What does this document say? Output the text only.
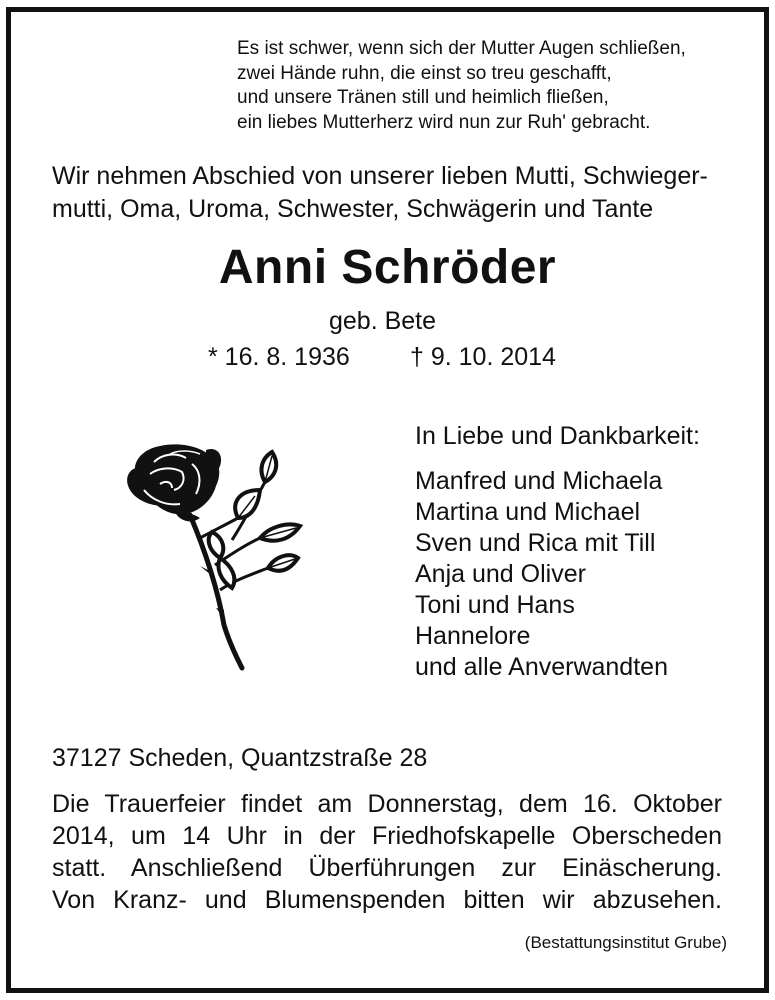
Es ist schwer, wenn sich der Mutter Augen schließen,
zwei Hände ruhn, die einst so treu geschafft,
und unsere Tränen still und heimlich fließen,
ein liebes Mutterherz wird nun zur Ruh' gebracht.
Wir nehmen Abschied von unserer lieben Mutti, Schwieger-
mutti, Oma, Uroma, Schwester, Schwägerin und Tante
Anni Schröder
geb. Bete
* 16. 8. 1936 † 9. 10. 2014
In Liebe und Dankbarkeit:
Manfred und Michaela
Martina und Michael
Sven und Rica mit Till
Anja und Oliver
Toni und Hans
Hannelore
und alle Anverwandten
37127 Scheden, Quantzstraße 28
Die Trauerfeier findet am Donnerstag, dem 16. Oktober
2014, um 14 Uhr in der Friedhofskapelle Oberscheden
statt. Anschließend Überführungen zur Einäscherung.
Von Kranz- und Blumenspenden bitten wir abzusehen.
(Bestattungsinstitut Grube)
